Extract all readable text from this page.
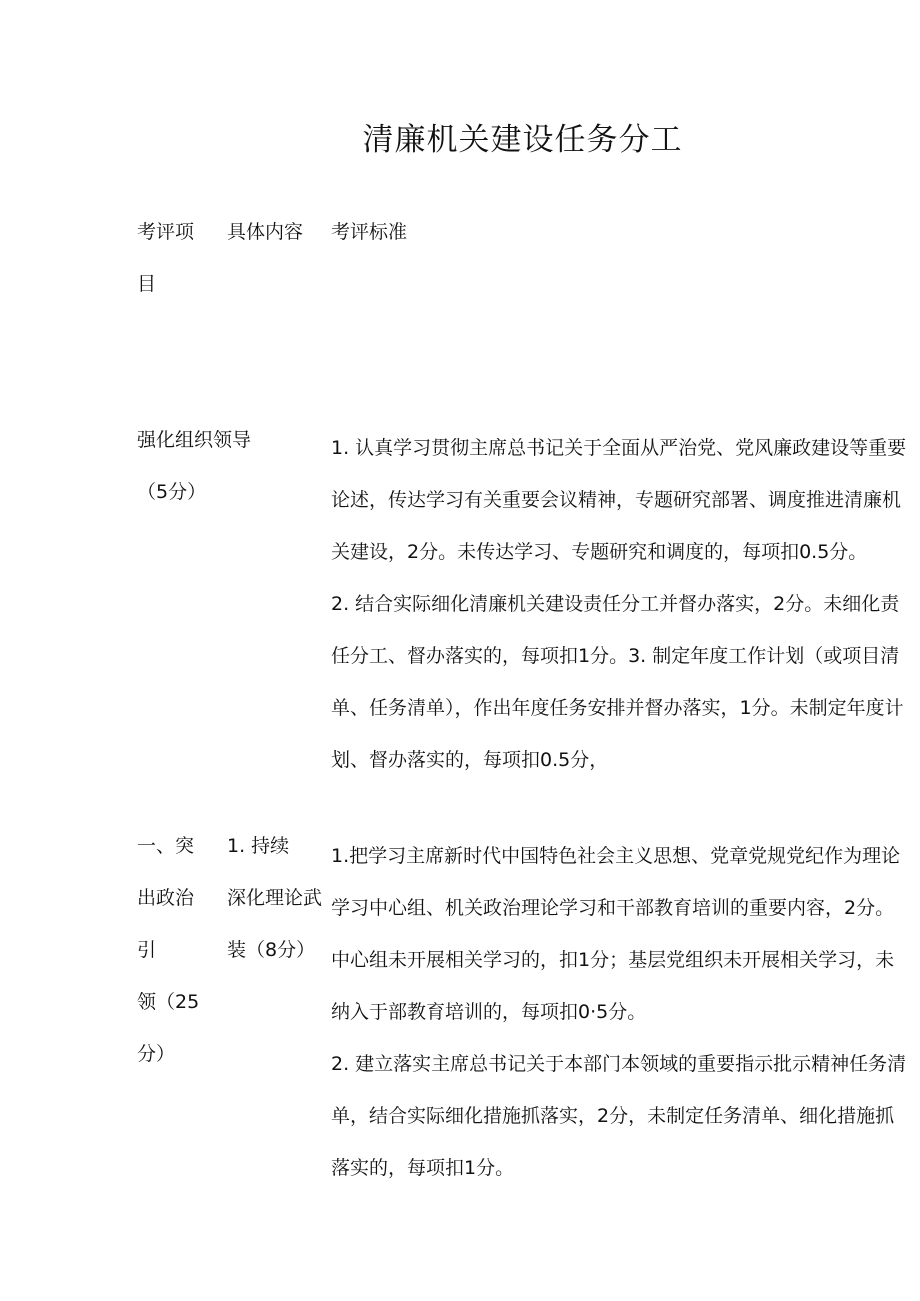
清廉机关建设任务分工
考评项
目
具体内容	考评标准
强化组织领导
（5分）

1. 认真学习贯彻主席总书记关于全面从严治党、党风廉政建设等重要论述，传达学习有关重要会议精神，专题研究部署、调度推进清廉机关建设，2分。未传达学习、专题研究和调度的，每项扣0.5分。

2. 结合实际细化清廉机关建设责任分工并督办落实，2分。未细化责任分工、督办落实的，每项扣1分。3. 制定年度工作计划（或项目清单、任务清单），作出年度任务安排并督办落实，1分。未制定年度计划、督办落实的，每项扣0.5分，

一、突
出政治
引
领（25
分）
1. 持续
深化理论武
装（8分）

1.把学习主席新时代中国特色社会主义思想、党章党规党纪作为理论学习中心组、机关政治理论学习和干部教育培训的重要内容，2分。中心组未开展相关学习的，扣1分；基层党组织未开展相关学习，未纳入于部教育培训的，每项扣0·5分。

2. 建立落实主席总书记关于本部门本领域的重要指示批示精神任务清单，结合实际细化措施抓落实，2分，未制定任务清单、细化措施抓落实的，每项扣1分。
